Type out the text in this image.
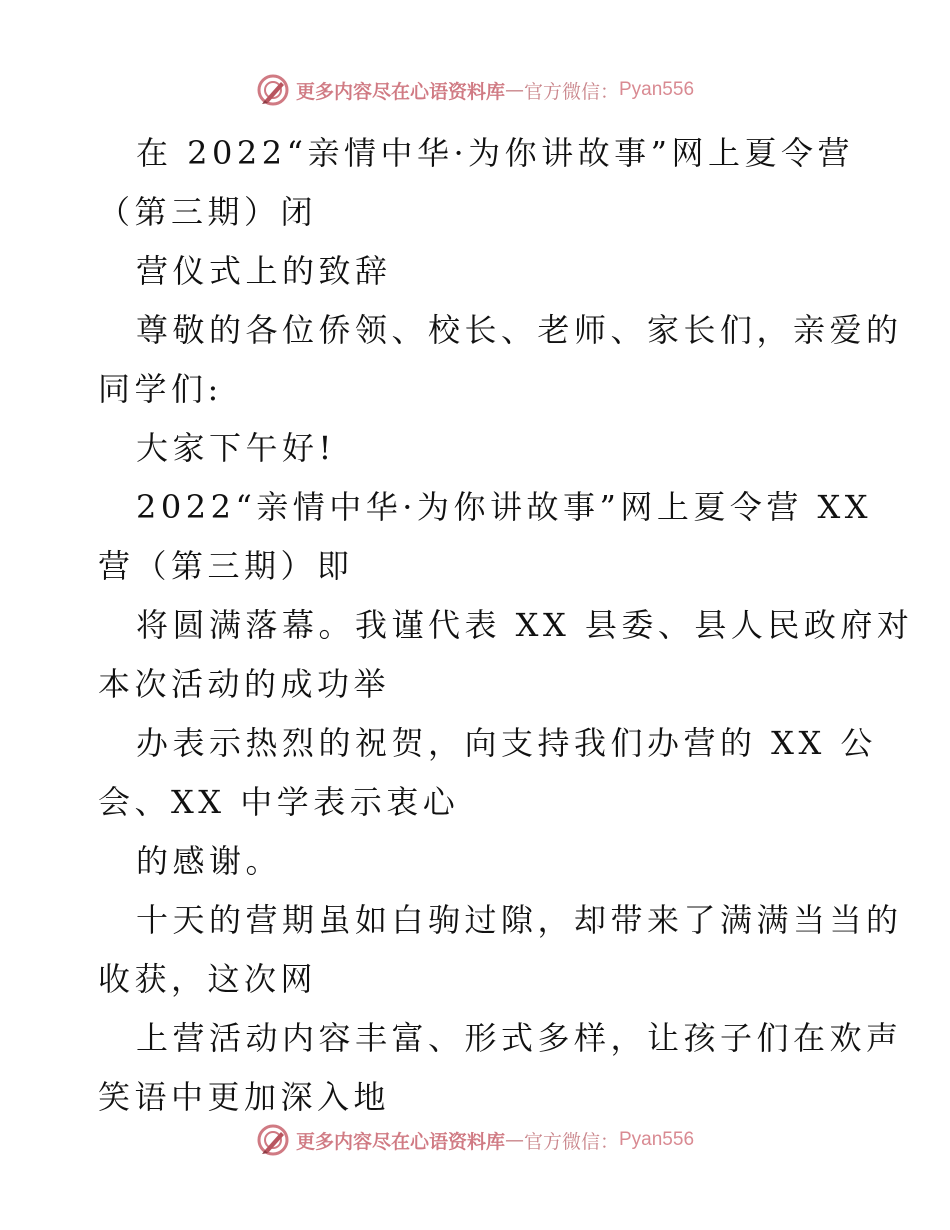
更多内容尽在心语资料库 — 官方微信： Pyan556

在 2022“亲情中华·为你讲故事”网上夏令营

（第三期）闭

营仪式上的致辞

尊敬的各位侨领、校长、老师、家长们，亲爱的

同学们:

大家下午好!

2022“亲情中华·为你讲故事”网上夏令营 XX

营（第三期）即

将圆满落幕。我谨代表 XX 县委、县人民政府对

本次活动的成功举

办表示热烈的祝贺，向支持我们办营的 XX 公

会、XX 中学表示衷心

的感谢。

十天的营期虽如白驹过隙，却带来了满满当当的

收获，这次网

上营活动内容丰富、形式多样，让孩子们在欢声

笑语中更加深入地

更多内容尽在心语资料库 — 官方微信： Pyan556
